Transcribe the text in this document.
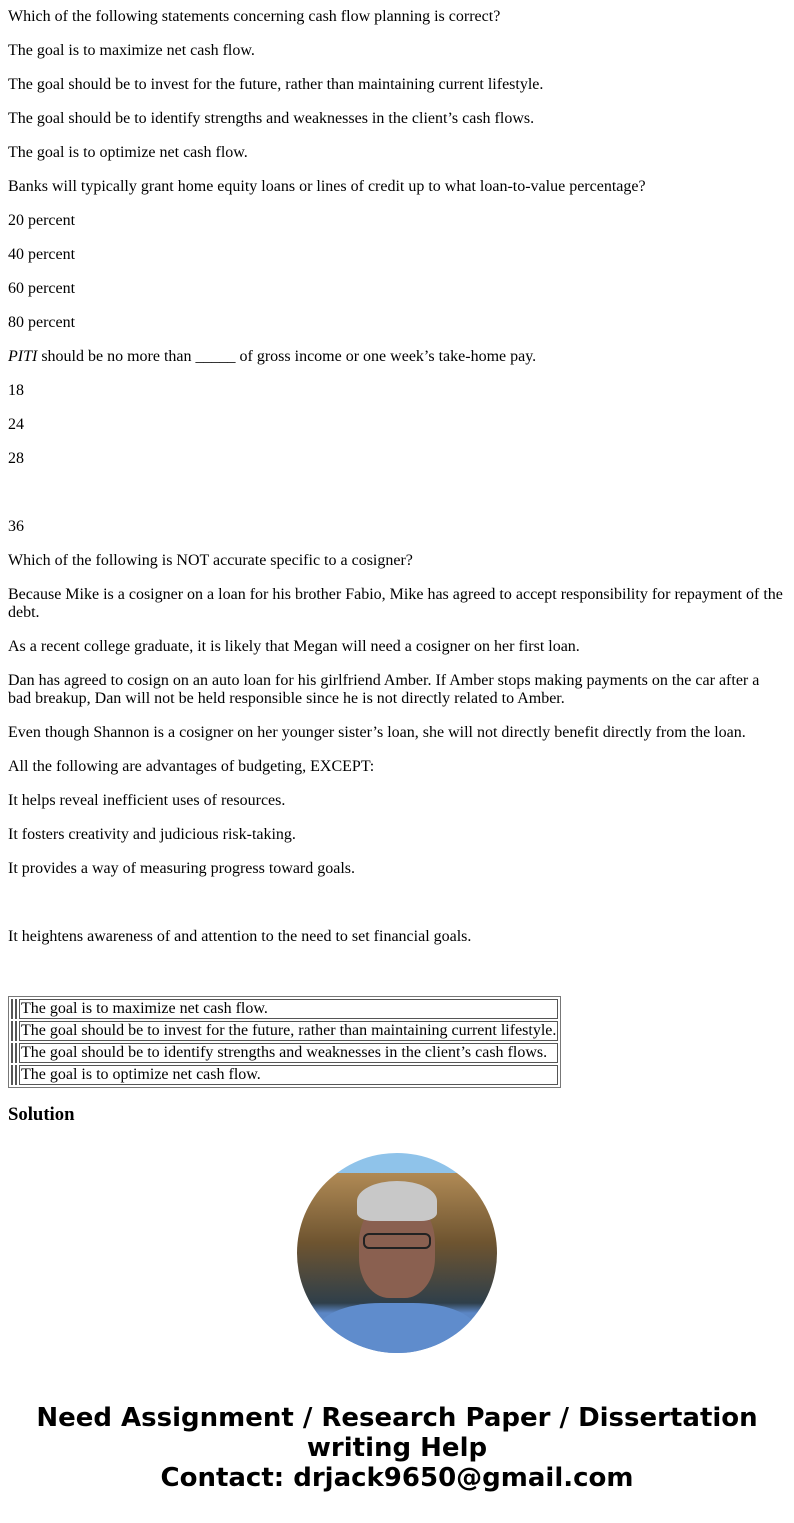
Which of the following statements concerning cash flow planning is correct?

The goal is to maximize net cash flow.

The goal should be to invest for the future, rather than maintaining current lifestyle.

The goal should be to identify strengths and weaknesses in the client’s cash flows.

The goal is to optimize net cash flow.

Banks will typically grant home equity loans or lines of credit up to what loan-to-value percentage?

20 percent

40 percent

60 percent

80 percent

PITI should be no more than _____ of gross income or one week’s take-home pay.

18

24

28

36

Which of the following is NOT accurate specific to a cosigner?

Because Mike is a cosigner on a loan for his brother Fabio, Mike has agreed to accept responsibility for repayment of the debt.

As a recent college graduate, it is likely that Megan will need a cosigner on her first loan.

Dan has agreed to cosign on an auto loan for his girlfriend Amber. If Amber stops making payments on the car after a bad breakup, Dan will not be held responsible since he is not directly related to Amber.

Even though Shannon is a cosigner on her younger sister’s loan, she will not directly benefit directly from the loan.

All the following are advantages of budgeting, EXCEPT:

It helps reveal inefficient uses of resources.

It fosters creativity and judicious risk-taking.

It provides a way of measuring progress toward goals.

It heightens awareness of and attention to the need to set financial goals.

		The goal is to maximize net cash flow.
		The goal should be to invest for the future, rather than maintaining current lifestyle.
		The goal should be to identify strengths and weaknesses in the client’s cash flows.
		The goal is to optimize net cash flow.
Solution
Need Assignment / Research Paper / Dissertation
writing Help
Contact: drjack9650@gmail.com
